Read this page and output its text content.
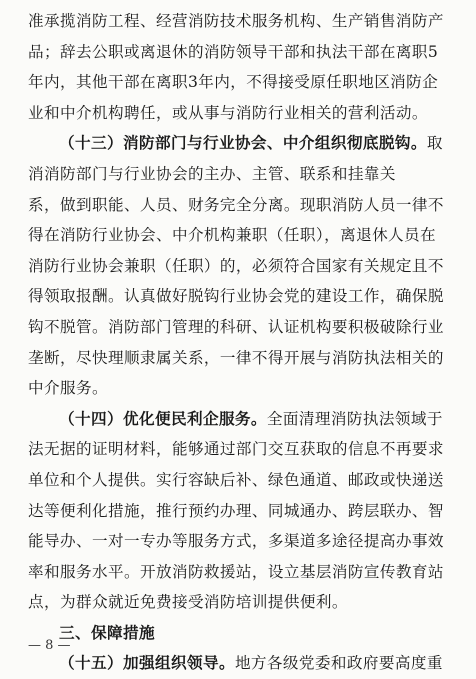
准承揽消防工程、经营消防技术服务机构、生产销售消防产
品；辞去公职或离退休的消防领导干部和执法干部在离职5
年内，其他干部在离职3年内，不得接受原任职地区消防企
业和中介机构聘任，或从事与消防行业相关的营利活动。
（十三）消防部门与行业协会、中介组织彻底脱钩。取
消消防部门与行业协会的主办、主管、联系和挂靠关
系，做到职能、人员、财务完全分离。现职消防人员一律不
得在消防行业协会、中介机构兼职（任职），离退休人员在
消防行业协会兼职（任职）的，必须符合国家有关规定且不
得领取报酬。认真做好脱钩行业协会党的建设工作，确保脱
钩不脱管。消防部门管理的科研、认证机构要积极破除行业
垄断，尽快理顺隶属关系，一律不得开展与消防执法相关的
中介服务。
（十四）优化便民利企服务。全面清理消防执法领域于
法无据的证明材料，能够通过部门交互获取的信息不再要求
单位和个人提供。实行容缺后补、绿色通道、邮政或快递送
达等便利化措施，推行预约办理、同城通办、跨层联办、智
能导办、一对一专办等服务方式，多渠道多途径提高办事效
率和服务水平。开放消防救援站，设立基层消防宣传教育站
点，为群众就近免费接受消防培训提供便利。
三、保障措施
（十五）加强组织领导。地方各级党委和政府要高度重
— 8 —
